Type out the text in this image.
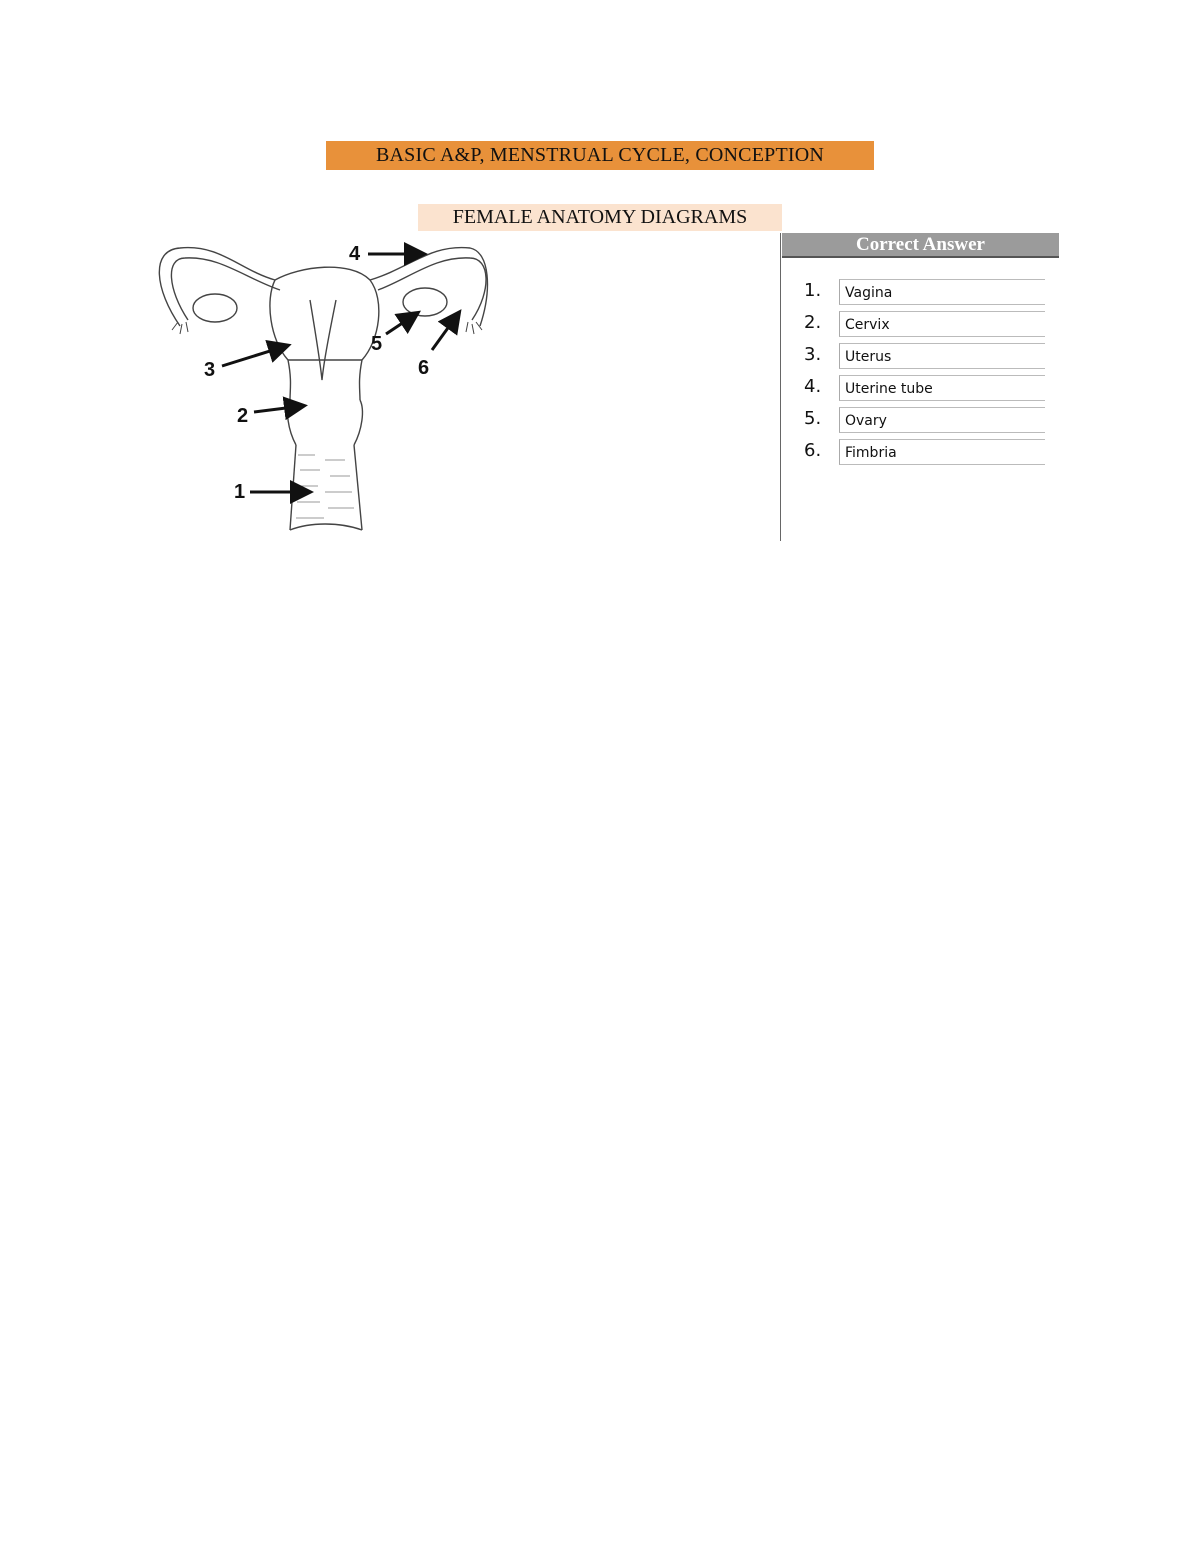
BASIC A&P, MENSTRUAL CYCLE, CONCEPTION
FEMALE ANATOMY DIAGRAMS
1
2
3
4
5
6
Correct Answer
1.	Vagina
2.	Cervix
3.	Uterus
4.	Uterine tube
5.	Ovary
6.	Fimbria
